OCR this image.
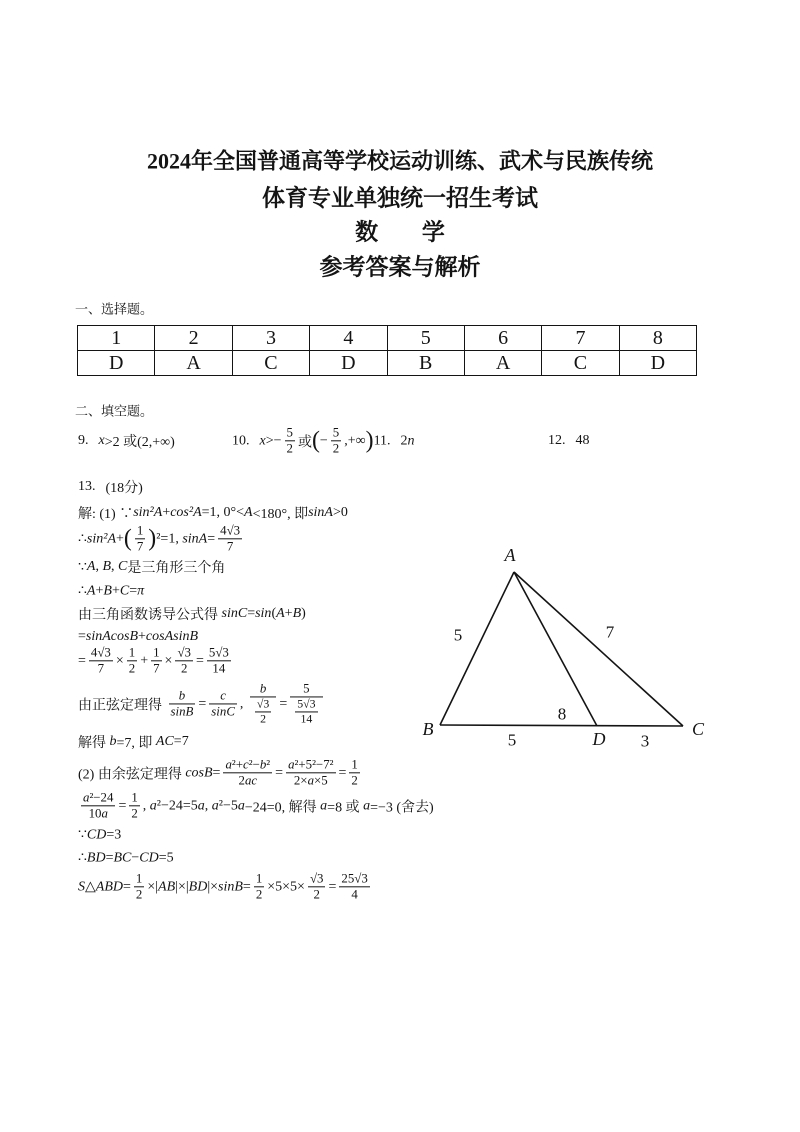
2024年全国普通高等学校运动训练、武术与民族传统
体育专业单独统一招生考试
数 学
参考答案与解析
一、选择题。
1	2	3	4	5	6	7	8
D	A	C	D	B	A	C	D
二、填空题。
9. x >2 或(2,+∞)	10. $x >- \frac{5}{2}$ 或 ( − $\frac{5}{2}$ ,+∞ ) 11. 2 n	12. 48
13. (18分)
解: (1) ∵ sin²A + cos²A =1, 0°< A <180°, 即 sinA >0
∴ sin²A + ( $\frac{1}{7}$ ) ²=1, $\sin A = \frac{4√3}{7}$
∵ A , B , C 是三角形三个角
∴ A + B + C = π
由三角函数诱导公式得 sinC = sin ( A + B )
= sinAcosB + cosAsinB
= $\frac{4√3}{7} \times \frac{1}{2} + \frac{1}{7} \times \frac{√3}{2} = \frac{5√3}{14}$
由正弦定理得 $\frac{b}{\sin B} = \frac{c}{\sin C}$ , $\frac{b}{\frac{√3}{2}} = \frac{5}{\frac{5√3}{14}}$
解得 b =7, 即 AC =7
(2) 由余弦定理得 $\cos B = \frac{\text{a ²+ c ²− b ²}}{2 ac} = \frac{\text{a ²+5²−7²}}{2\times a \times 5} = \frac{1}{2}$
$\frac{\text{a ²−24}}{10 a} = \frac{1}{2}$ , a ²−24=5 a , a ²−5 a −24=0, 解得 a =8 或 a =−3 (舍去)
∵ CD =3
∴ BD = BC − CD =5
S△ABD = $\frac{1}{2}$ ×| AB |×| BD |× $\sin B = \frac{1}{2} \times 5\times 5\times \frac{√3}{2} = \frac{25√3}{4}$
A
B	C
D
5	7
8
5	3
